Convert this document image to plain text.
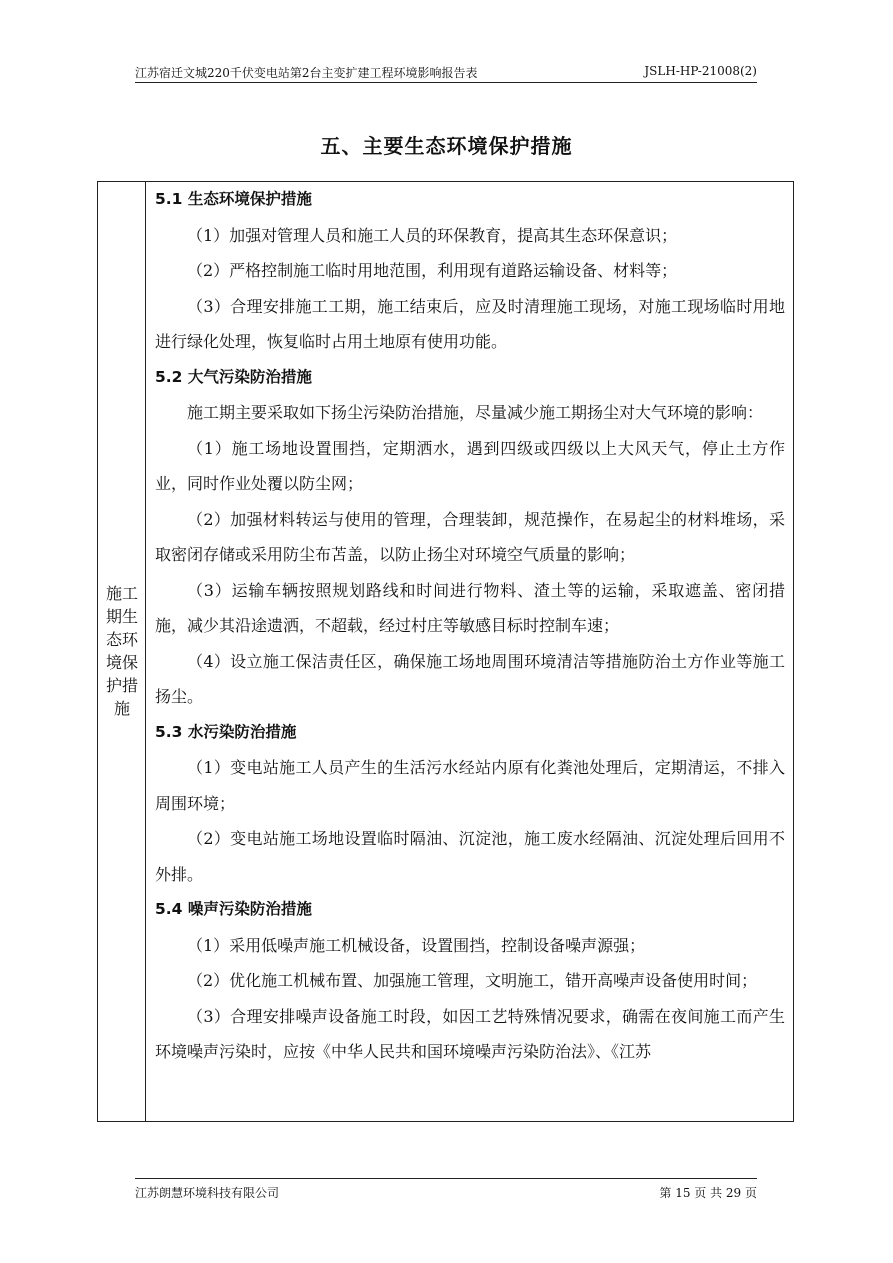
江苏宿迁文城220千伏变电站第2台主变扩建工程环境影响报告表	JSLH-HP-21008(2)
五、主要生态环境保护措施
施工期生态环境保护措施

5.1 生态环境保护措施

（1）加强对管理人员和施工人员的环保教育，提高其生态环保意识；

（2）严格控制施工临时用地范围，利用现有道路运输设备、材料等；

（3）合理安排施工工期，施工结束后，应及时清理施工现场，对施工现场临时用地进行绿化处理，恢复临时占用土地原有使用功能。

5.2 大气污染防治措施

施工期主要采取如下扬尘污染防治措施，尽量减少施工期扬尘对大气环境的影响：

（1）施工场地设置围挡，定期洒水，遇到四级或四级以上大风天气，停止土方作业，同时作业处覆以防尘网；

（2）加强材料转运与使用的管理，合理装卸，规范操作，在易起尘的材料堆场，采取密闭存储或采用防尘布苫盖，以防止扬尘对环境空气质量的影响；

（3）运输车辆按照规划路线和时间进行物料、渣土等的运输，采取遮盖、密闭措施，减少其沿途遗洒，不超载，经过村庄等敏感目标时控制车速；

（4）设立施工保洁责任区，确保施工场地周围环境清洁等措施防治土方作业等施工扬尘。

5.3 水污染防治措施

（1）变电站施工人员产生的生活污水经站内原有化粪池处理后，定期清运，不排入周围环境；

（2）变电站施工场地设置临时隔油、沉淀池，施工废水经隔油、沉淀处理后回用不外排。

5.4 噪声污染防治措施

（1）采用低噪声施工机械设备，设置围挡，控制设备噪声源强；

（2）优化施工机械布置、加强施工管理，文明施工，错开高噪声设备使用时间；

（3）合理安排噪声设备施工时段，如因工艺特殊情况要求，确需在夜间施工而产生环境噪声污染时，应按《中华人民共和国环境噪声污染防治法》、《江苏

江苏朗慧环境科技有限公司	第 15 页 共 29 页
